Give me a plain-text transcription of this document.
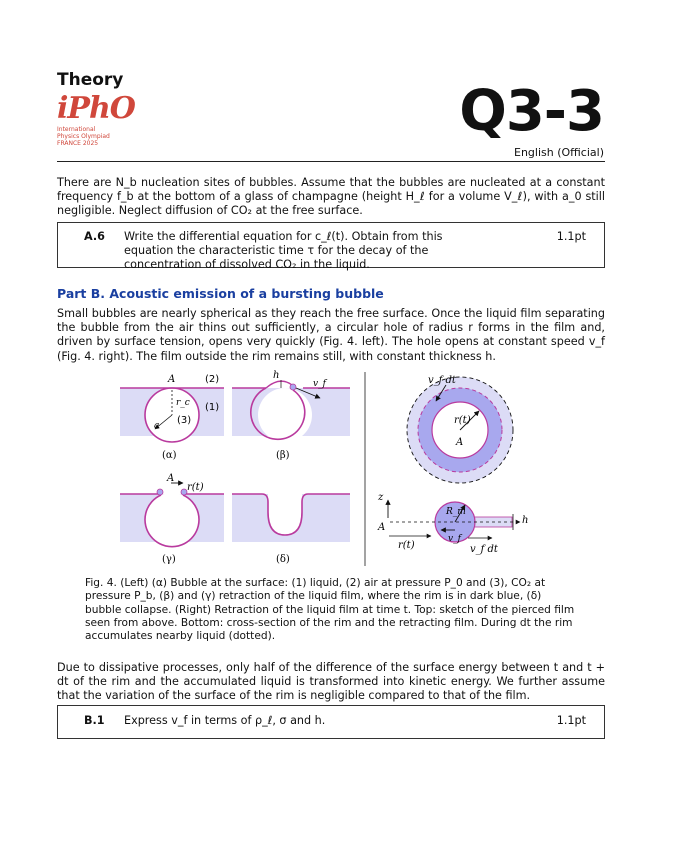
Theory
iPhO
International
Physics Olympiad
FRANCE 2025	Q3-3
English (Official)
There are N_b nucleation sites of bubbles. Assume that the bubbles are nucleated at a constant frequency f_b at the bottom of a glass of champagne (height H_ℓ for a volume V_ℓ), with a_0 still negligible. Neglect diffusion of CO₂ at the free surface.
A.6 Write the differential equation for c_ℓ(t). Obtain from this equation the characteristic time τ for the decay of the concentration of dissolved CO₂ in the liquid.
1.1pt
Part B. Acoustic emission of a bursting bubble
Small bubbles are nearly spherical as they reach the free surface. Once the liquid film separating the bubble from the air thins out sufficiently, a circular hole of radius r forms in the film and, driven by surface tension, opens very quickly (Fig. 4. left). The hole opens at constant speed v_f (Fig. 4. right). The film outside the rim remains still, with constant thickness h.
A	(2)
(1)
(3)
r_c
a
(α)
h
v_f
(β)
A
r(t)
(γ)	(δ)
v_f dt
r(t)
A
z
A
R_m
v_f
r(t)	v_f dt
h
Fig. 4. (Left) (α) Bubble at the surface: (1) liquid, (2) air at pressure P_0 and (3), CO₂ at pressure P_b, (β) and (γ) retraction of the liquid film, where the rim is in dark blue, (δ) bubble collapse. (Right) Retraction of the liquid film at time t. Top: sketch of the pierced film seen from above. Bottom: cross-section of the rim and the retracting film. During dt the rim accumulates nearby liquid (dotted).
Due to dissipative processes, only half of the difference of the surface energy between t and t + dt of the rim and the accumulated liquid is transformed into kinetic energy. We further assume that the variation of the surface of the rim is negligible compared to that of the film.
B.1 Express v_f in terms of ρ_ℓ, σ and h.	1.1pt
